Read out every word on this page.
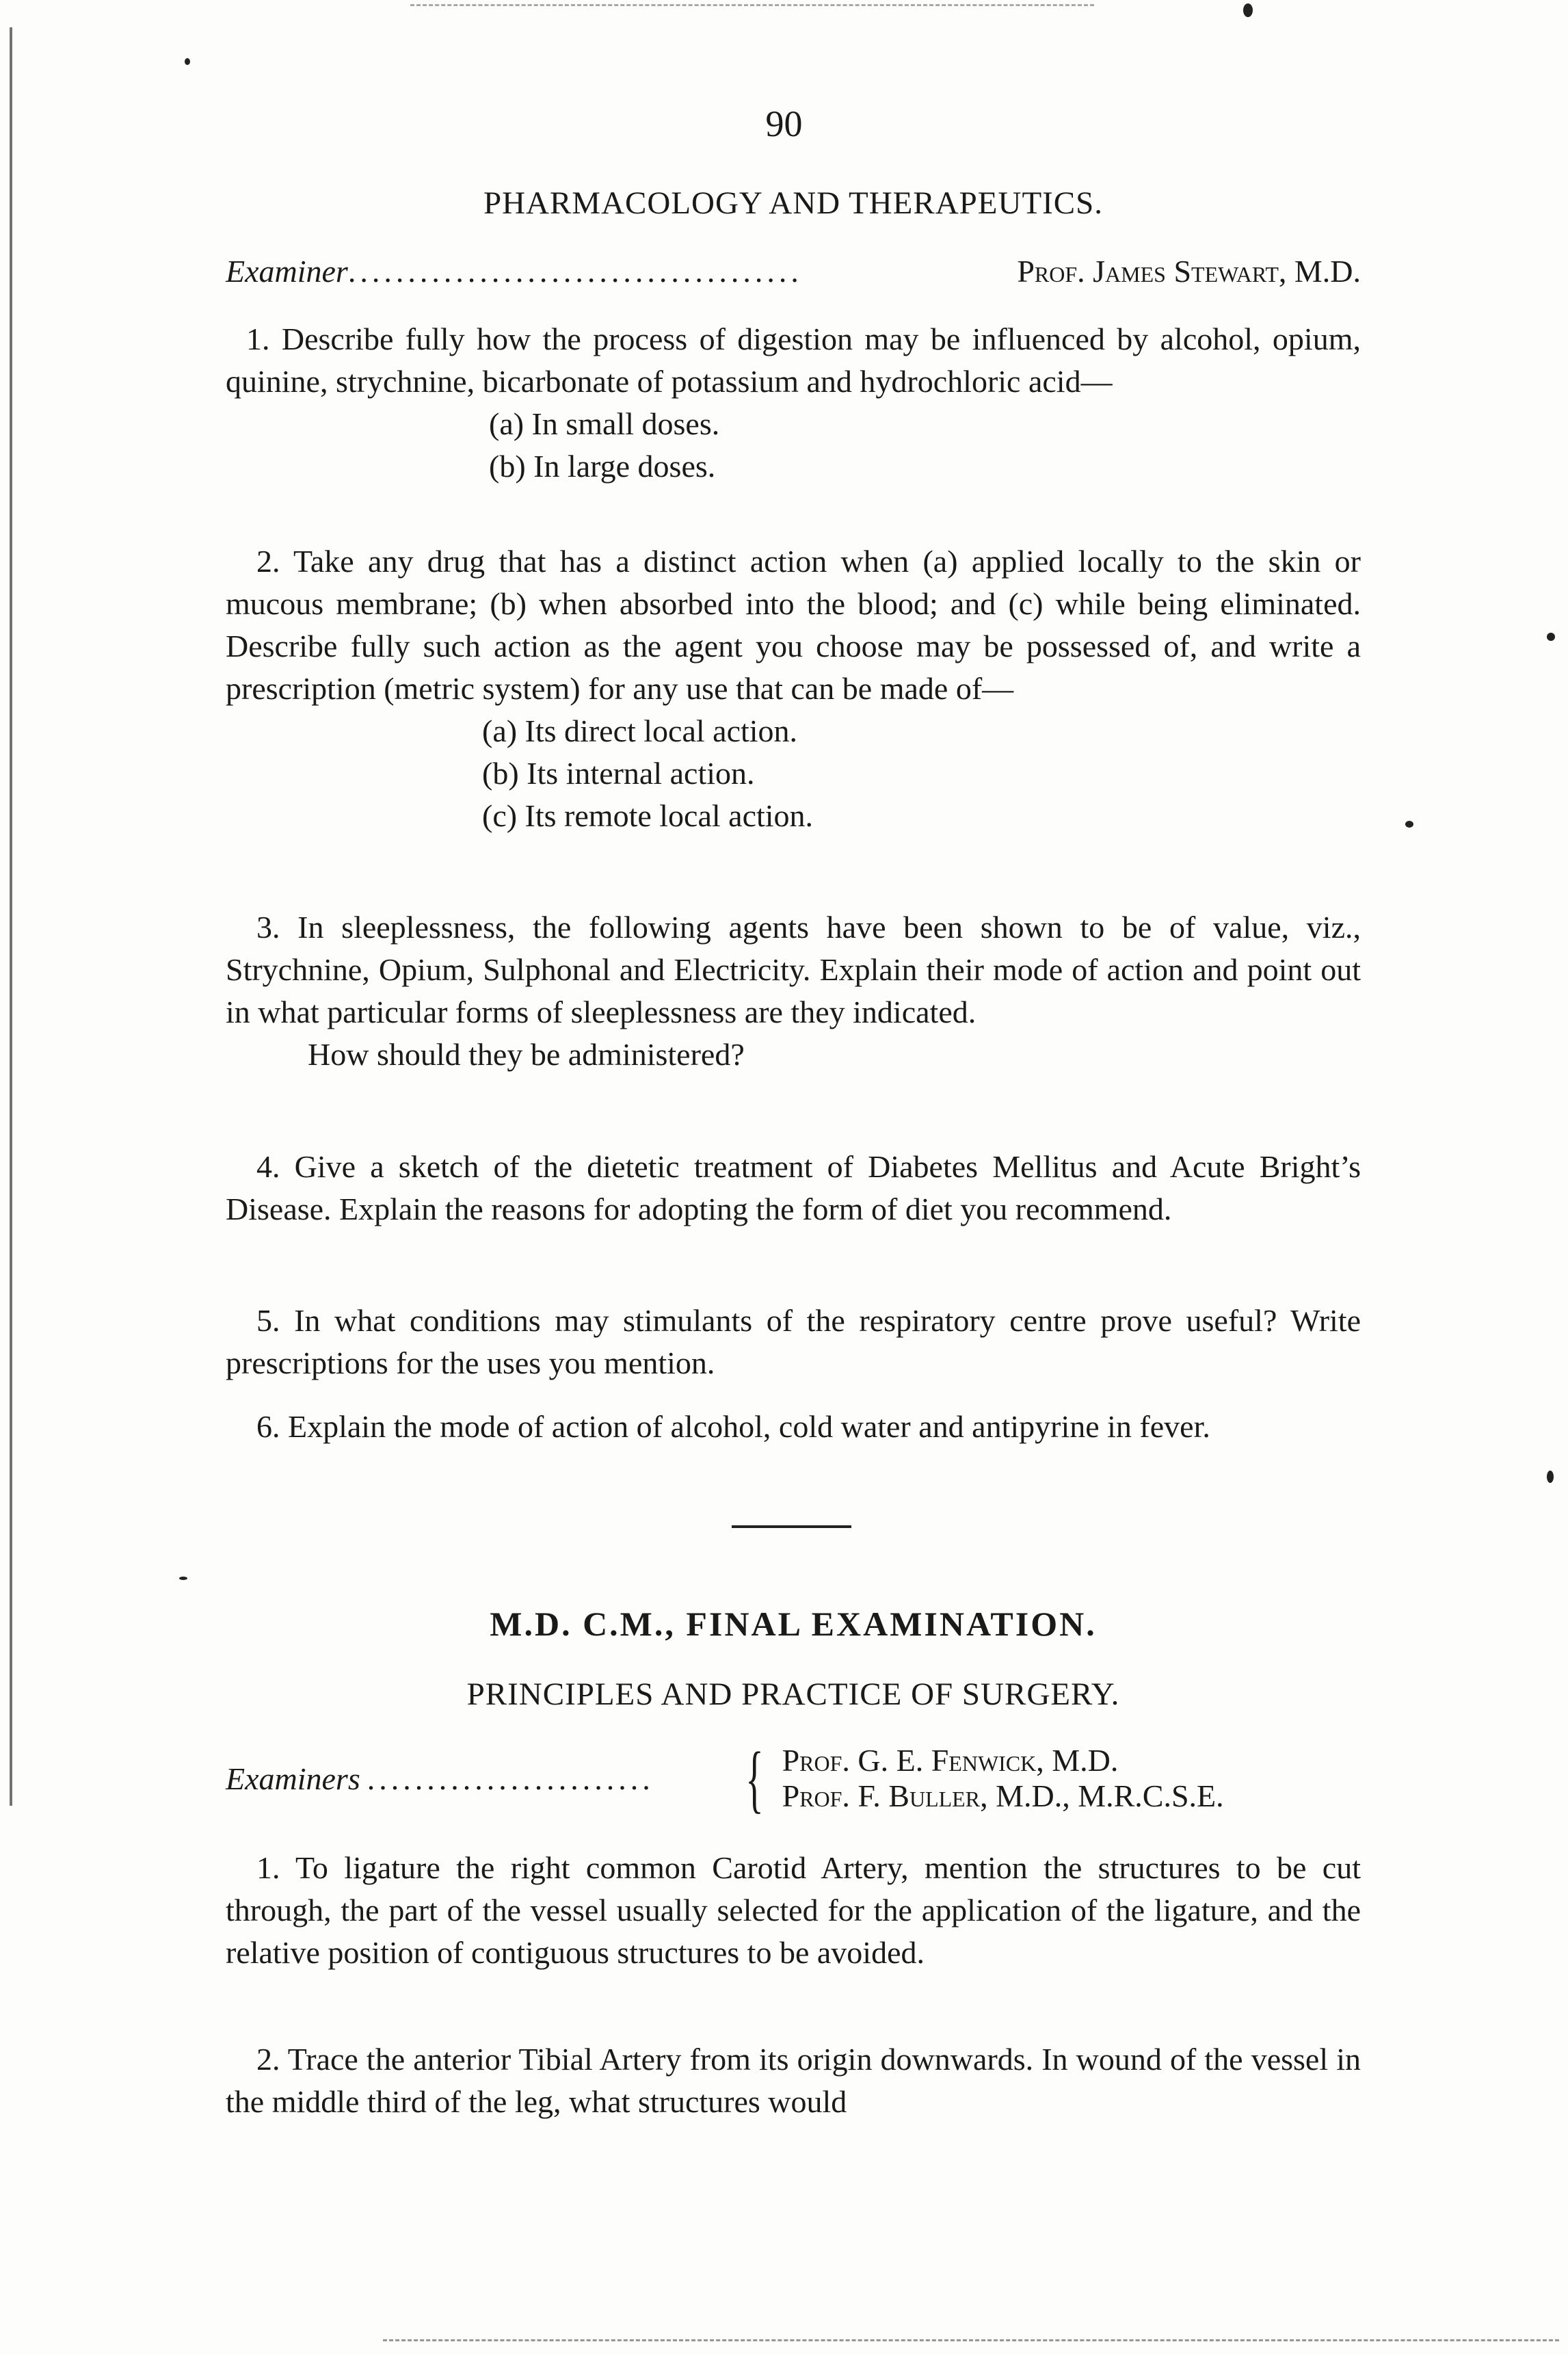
90

PHARMACOLOGY AND THERAPEUTICS.

Examiner ......................................	Prof. James Stewart, M.D.

1. Describe fully how the process of digestion may be influenced by alcohol, opium, quinine, strychnine, bicarbonate of potassium and hydrochloric acid—

(a) In small doses.

(b) In large doses.

2. Take any drug that has a distinct action when (a) applied locally to the skin or mucous membrane; (b) when absorbed into the blood; and (c) while being eliminated. Describe fully such action as the agent you choose may be possessed of, and write a prescription (metric system) for any use that can be made of—

(a) Its direct local action.

(b) Its internal action.

(c) Its remote local action.

3. In sleeplessness, the following agents have been shown to be of value, viz., Strychnine, Opium, Sulphonal and Electricity. Explain their mode of action and point out in what particular forms of sleeplessness are they indicated.

How should they be administered?

4. Give a sketch of the dietetic treatment of Diabetes Mellitus and Acute Bright’s Disease. Explain the reasons for adopting the form of diet you recommend.

5. In what conditions may stimulants of the respiratory centre prove useful? Write prescriptions for the uses you mention.

6. Explain the mode of action of alcohol, cold water and antipyrine in fever.

M.D. C.M., FINAL EXAMINATION.

PRINCIPLES AND PRACTICE OF SURGERY.

Examiners ........................	{ Prof. G. E. Fenwick, M.D.
Prof. F. Buller, M.D., M.R.C.S.E.

1. To ligature the right common Carotid Artery, mention the structures to be cut through, the part of the vessel usually selected for the application of the ligature, and the relative position of contiguous structures to be avoided.

2. Trace the anterior Tibial Artery from its origin downwards. In wound of the vessel in the middle third of the leg, what structures would
